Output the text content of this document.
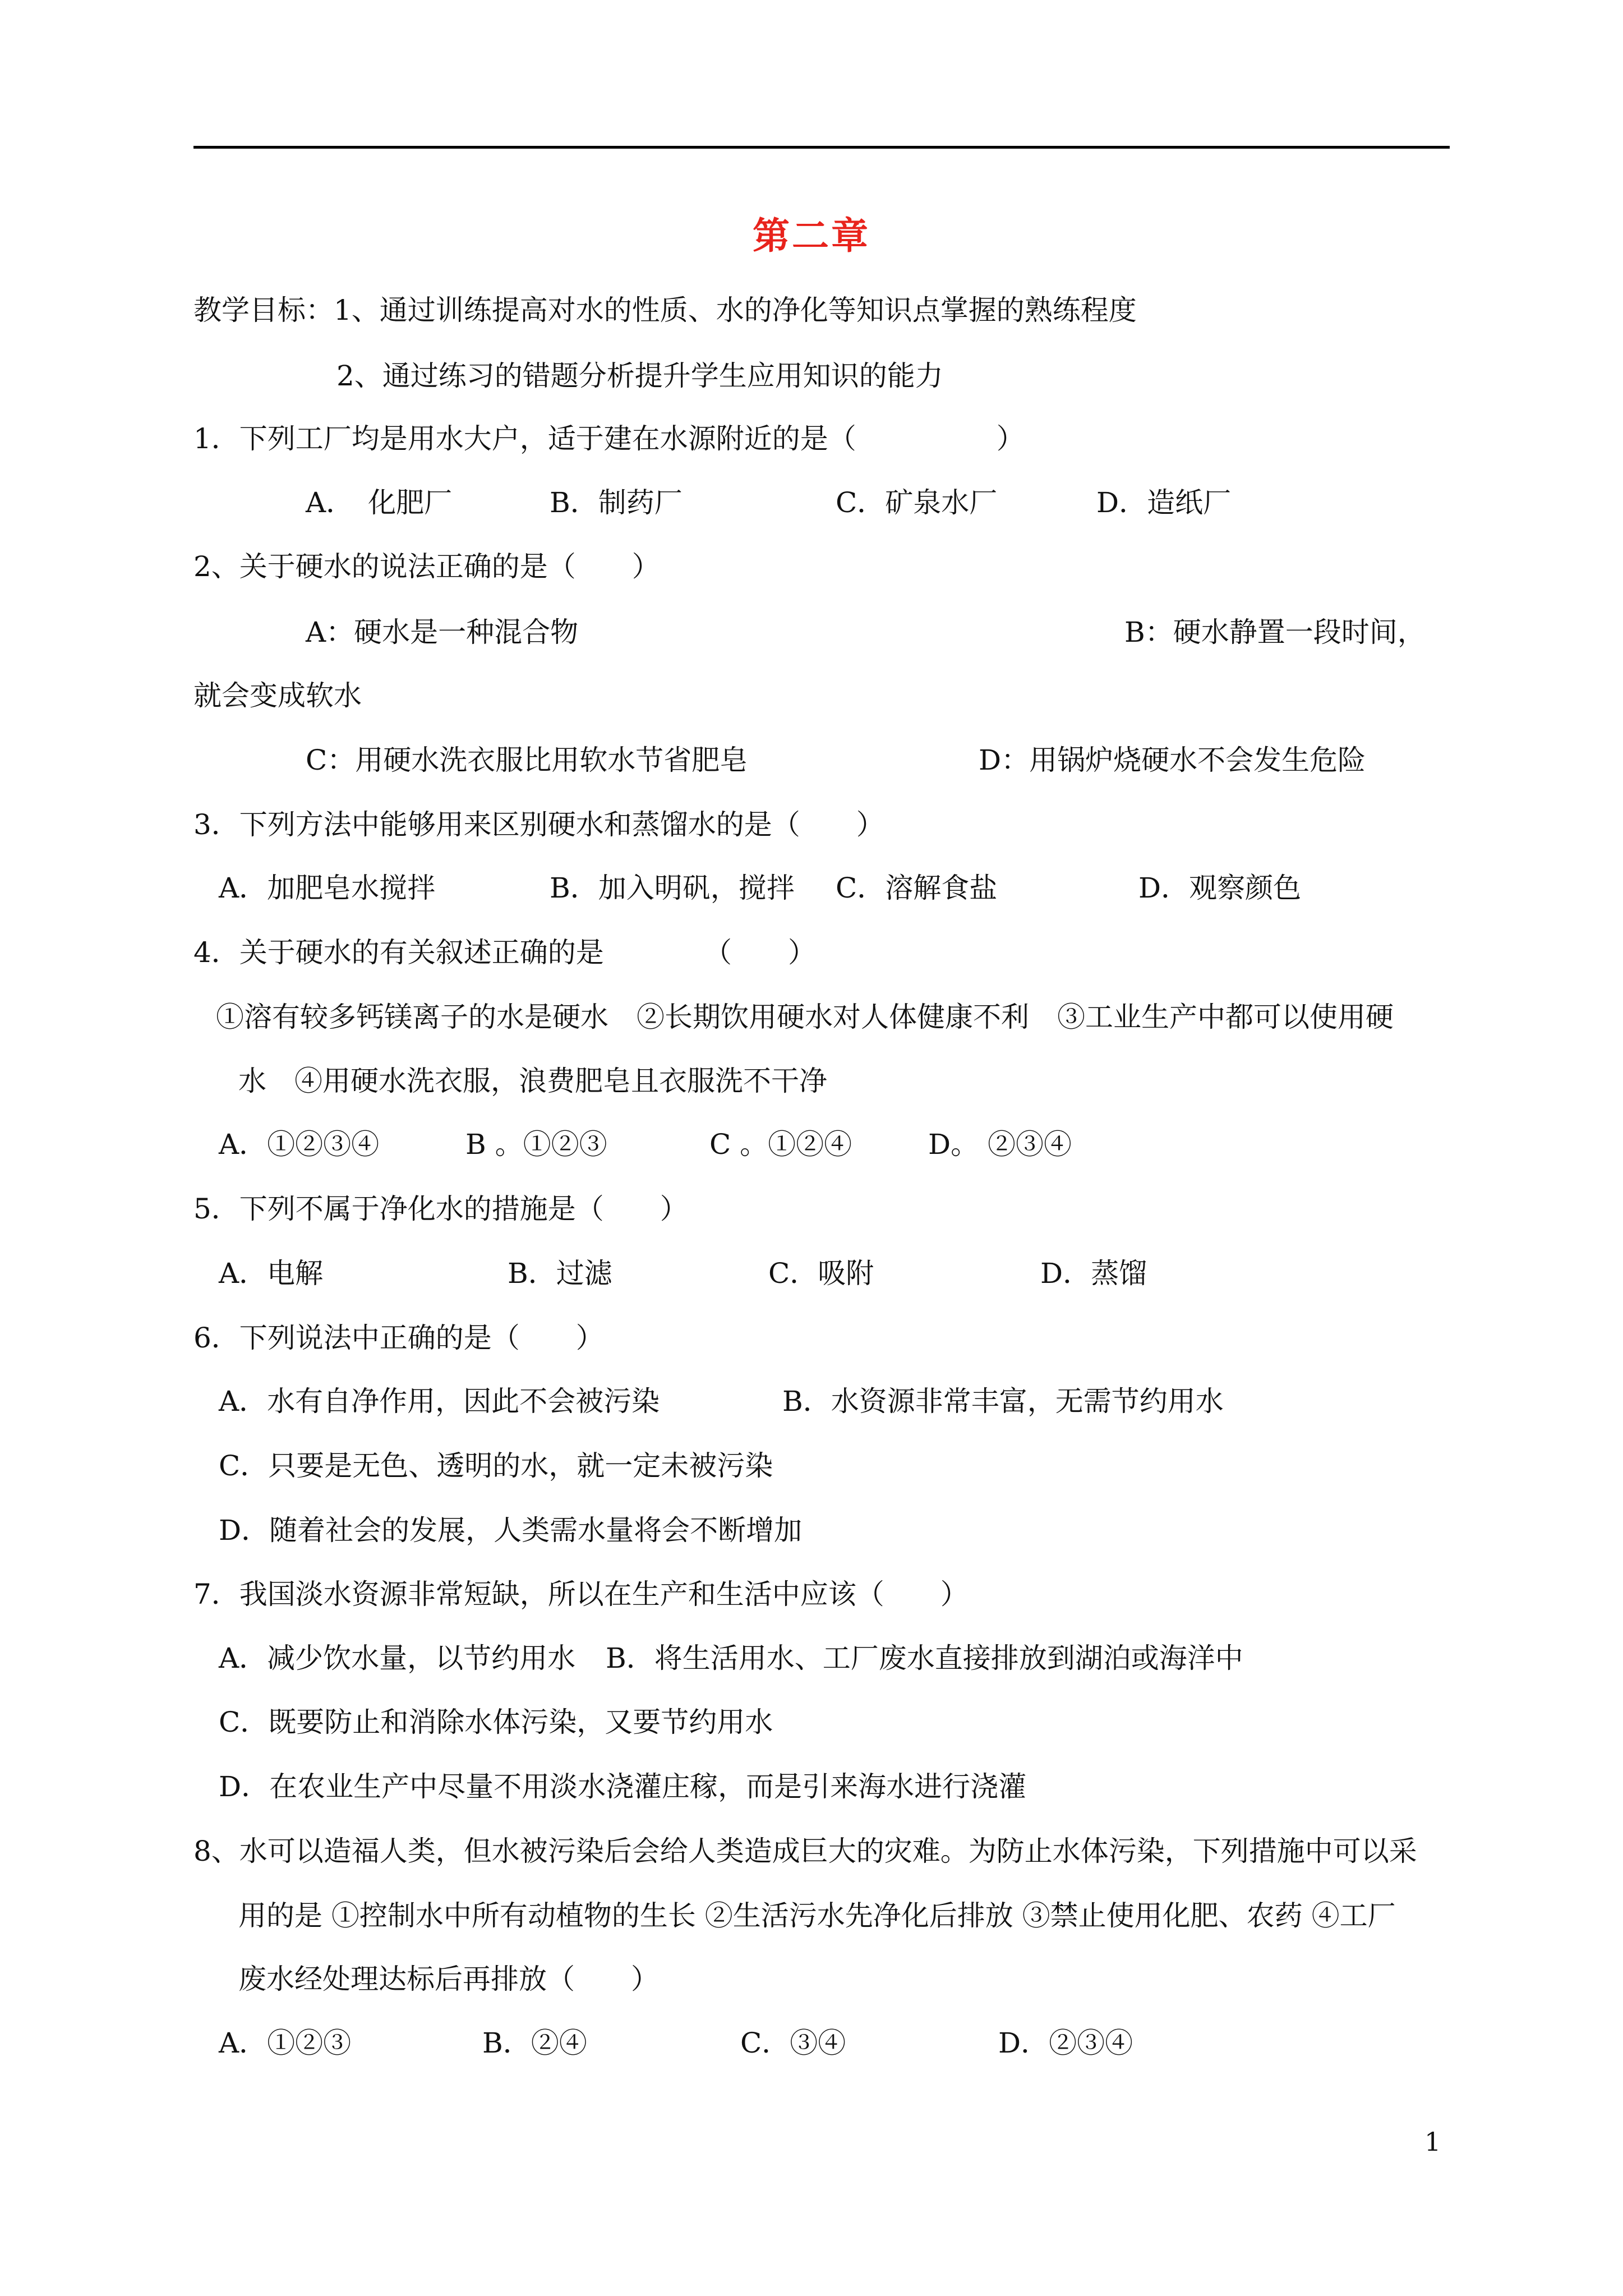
第二章
教学目标：1、通过训练提高对水的性质、水的净化等知识点掌握的熟练程度
2、通过练习的错题分析提升学生应用知识的能力
1．下列工厂均是用水大户，适于建在水源附近的是（　　　　　）
A．　化肥厂	B．制药厂	C．矿泉水厂	D．造纸厂
2、关于硬水的说法正确的是（　　）
A：硬水是一种混合物	B：硬水静置一段时间，
就会变成软水
C：用硬水洗衣服比用软水节省肥皂	D：用锅炉烧硬水不会发生危险
3．下列方法中能够用来区别硬水和蒸馏水的是（　　）
A．加肥皂水搅拌	B．加入明矾，搅拌 C．溶解食盐	D．观察颜色
4．关于硬水的有关叙述正确的是	（　　）
①溶有较多钙镁离子的水是硬水　②长期饮用硬水对人体健康不利　③工业生产中都可以使用硬
水　④用硬水洗衣服，浪费肥皂且衣服洗不干净
A．①②③④	B 。①②③	C 。①②④	D。 ②③④
5．下列不属于净化水的措施是（　　）
A．电解	B．过滤	C．吸附	D．蒸馏
6．下列说法中正确的是（　　）
A．水有自净作用，因此不会被污染	B．水资源非常丰富，无需节约用水
C．只要是无色、透明的水，就一定未被污染
D．随着社会的发展，人类需水量将会不断增加
7．我国淡水资源非常短缺，所以在生产和生活中应该（　　）
A．减少饮水量，以节约用水 B．将生活用水、工厂废水直接排放到湖泊或海洋中
C．既要防止和消除水体污染，又要节约用水
D．在农业生产中尽量不用淡水浇灌庄稼，而是引来海水进行浇灌
8、水可以造福人类，但水被污染后会给人类造成巨大的灾难。为防止水体污染，下列措施中可以采
用的是 ①控制水中所有动植物的生长 ②生活污水先净化后排放 ③禁止使用化肥、农药 ④工厂
废水经处理达标后再排放（　　）
A．①②③	B．②④	C．③④	D．②③④
1
